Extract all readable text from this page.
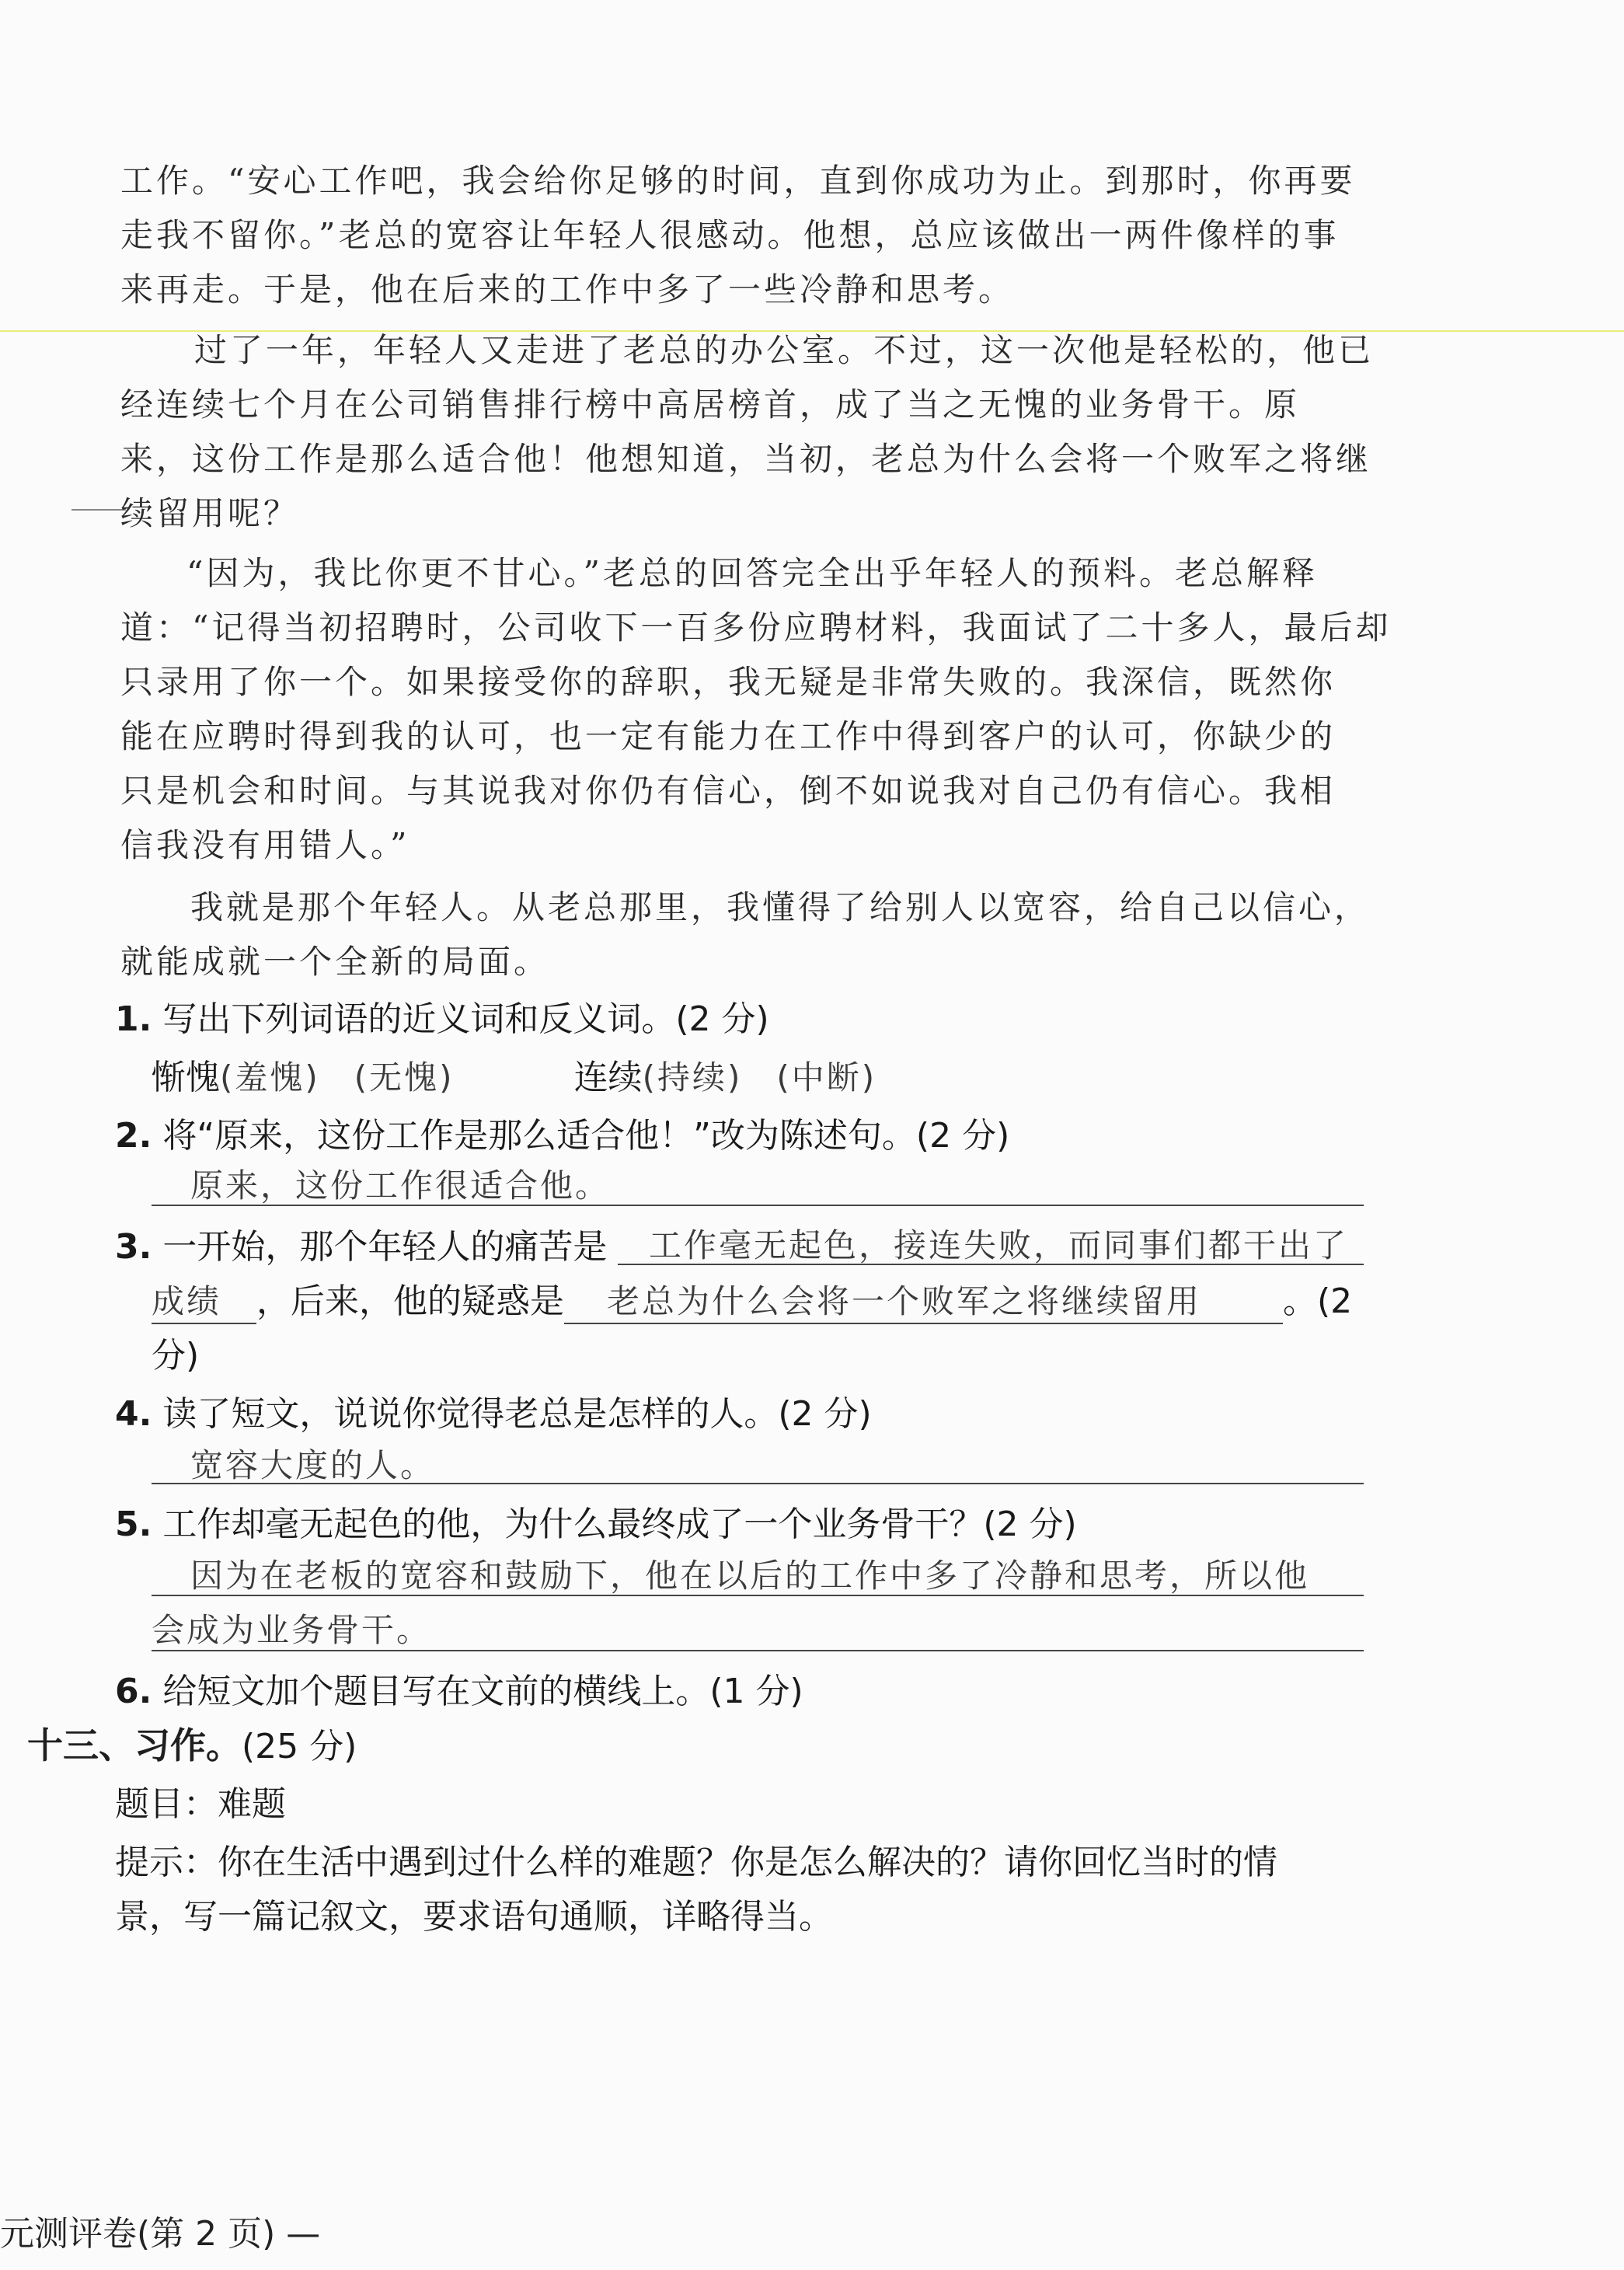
工作。“安心工作吧，我会给你足够的时间，直到你成功为止。到那时，你再要
走我不留你。”老总的宽容让年轻人很感动。他想，总应该做出一两件像样的事
来再走。于是，他在后来的工作中多了一些冷静和思考。
过了一年，年轻人又走进了老总的办公室。不过，这一次他是轻松的，他已
经连续七个月在公司销售排行榜中高居榜首，成了当之无愧的业务骨干。原
来，这份工作是那么适合他！他想知道，当初，老总为什么会将一个败军之将继
续留用呢？
“因为，我比你更不甘心。”老总的回答完全出乎年轻人的预料。老总解释
道：“记得当初招聘时，公司收下一百多份应聘材料，我面试了二十多人，最后却
只录用了你一个。如果接受你的辞职，我无疑是非常失败的。我深信，既然你
能在应聘时得到我的认可，也一定有能力在工作中得到客户的认可，你缺少的
只是机会和时间。与其说我对你仍有信心，倒不如说我对自己仍有信心。我相
信我没有用错人。”
我就是那个年轻人。从老总那里，我懂得了给别人以宽容，给自己以信心，
就能成就一个全新的局面。
1. 写出下列词语的近义词和反义词。(2 分)
惭愧(羞愧) (无愧)	连续(持续) (中断)
2. 将“原来，这份工作是那么适合他！”改为陈述句。(2 分)
原来，这份工作很适合他。
3. 一开始，那个年轻人的痛苦是	工作毫无起色，接连失败，而同事们都干出了
成绩 ，后来，他的疑惑是 老总为什么会将一个败军之将继续留用 。(2
分)
4. 读了短文，说说你觉得老总是怎样的人。(2 分)
宽容大度的人。
5. 工作却毫无起色的他，为什么最终成了一个业务骨干？(2 分)
因为在老板的宽容和鼓励下，他在以后的工作中多了冷静和思考，所以他
会成为业务骨干。
6. 给短文加个题目写在文前的横线上。(1 分)
十三、习作。(25 分)
题目：难题
提示：你在生活中遇到过什么样的难题？你是怎么解决的？请你回忆当时的情
景，写一篇记叙文，要求语句通顺，详略得当。
元测评卷(第 2 页) —
